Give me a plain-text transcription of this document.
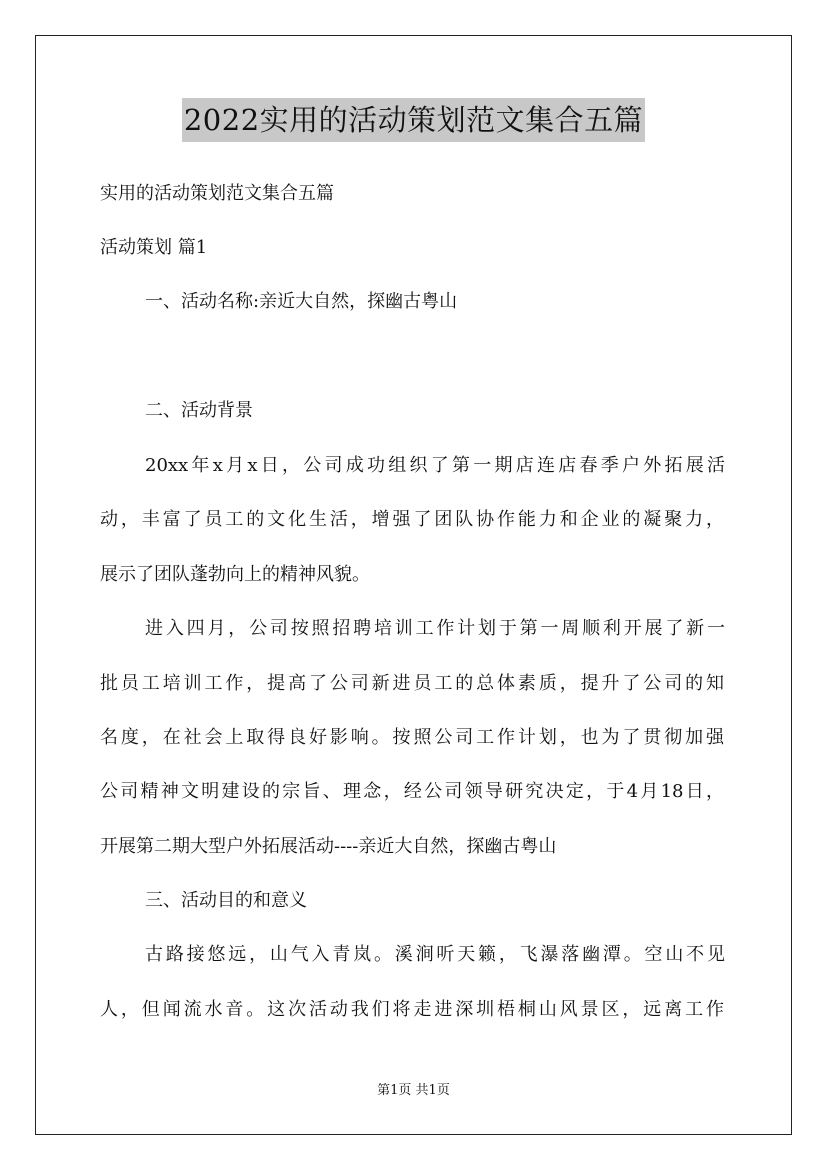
2022实用的活动策划范文集合五篇
实用的活动策划范文集合五篇
活动策划 篇1
一、活动名称:亲近大自然，探幽古粤山
二、活动背景
20xx年x月x日，公司成功组织了第一期店连店春季户外拓展活
动，丰富了员工的文化生活，增强了团队协作能力和企业的凝聚力，
展示了团队蓬勃向上的精神风貌。
进入四月，公司按照招聘培训工作计划于第一周顺利开展了新一
批员工培训工作，提高了公司新进员工的总体素质，提升了公司的知
名度，在社会上取得良好影响。按照公司工作计划，也为了贯彻加强
公司精神文明建设的宗旨、理念，经公司领导研究决定，于4月18日，
开展第二期大型户外拓展活动----亲近大自然，探幽古粤山
三、活动目的和意义
古路接悠远，山气入青岚。溪涧听天籁，飞瀑落幽潭。空山不见
人，但闻流水音。这次活动我们将走进深圳梧桐山风景区，远离工作
第1页 共1页
